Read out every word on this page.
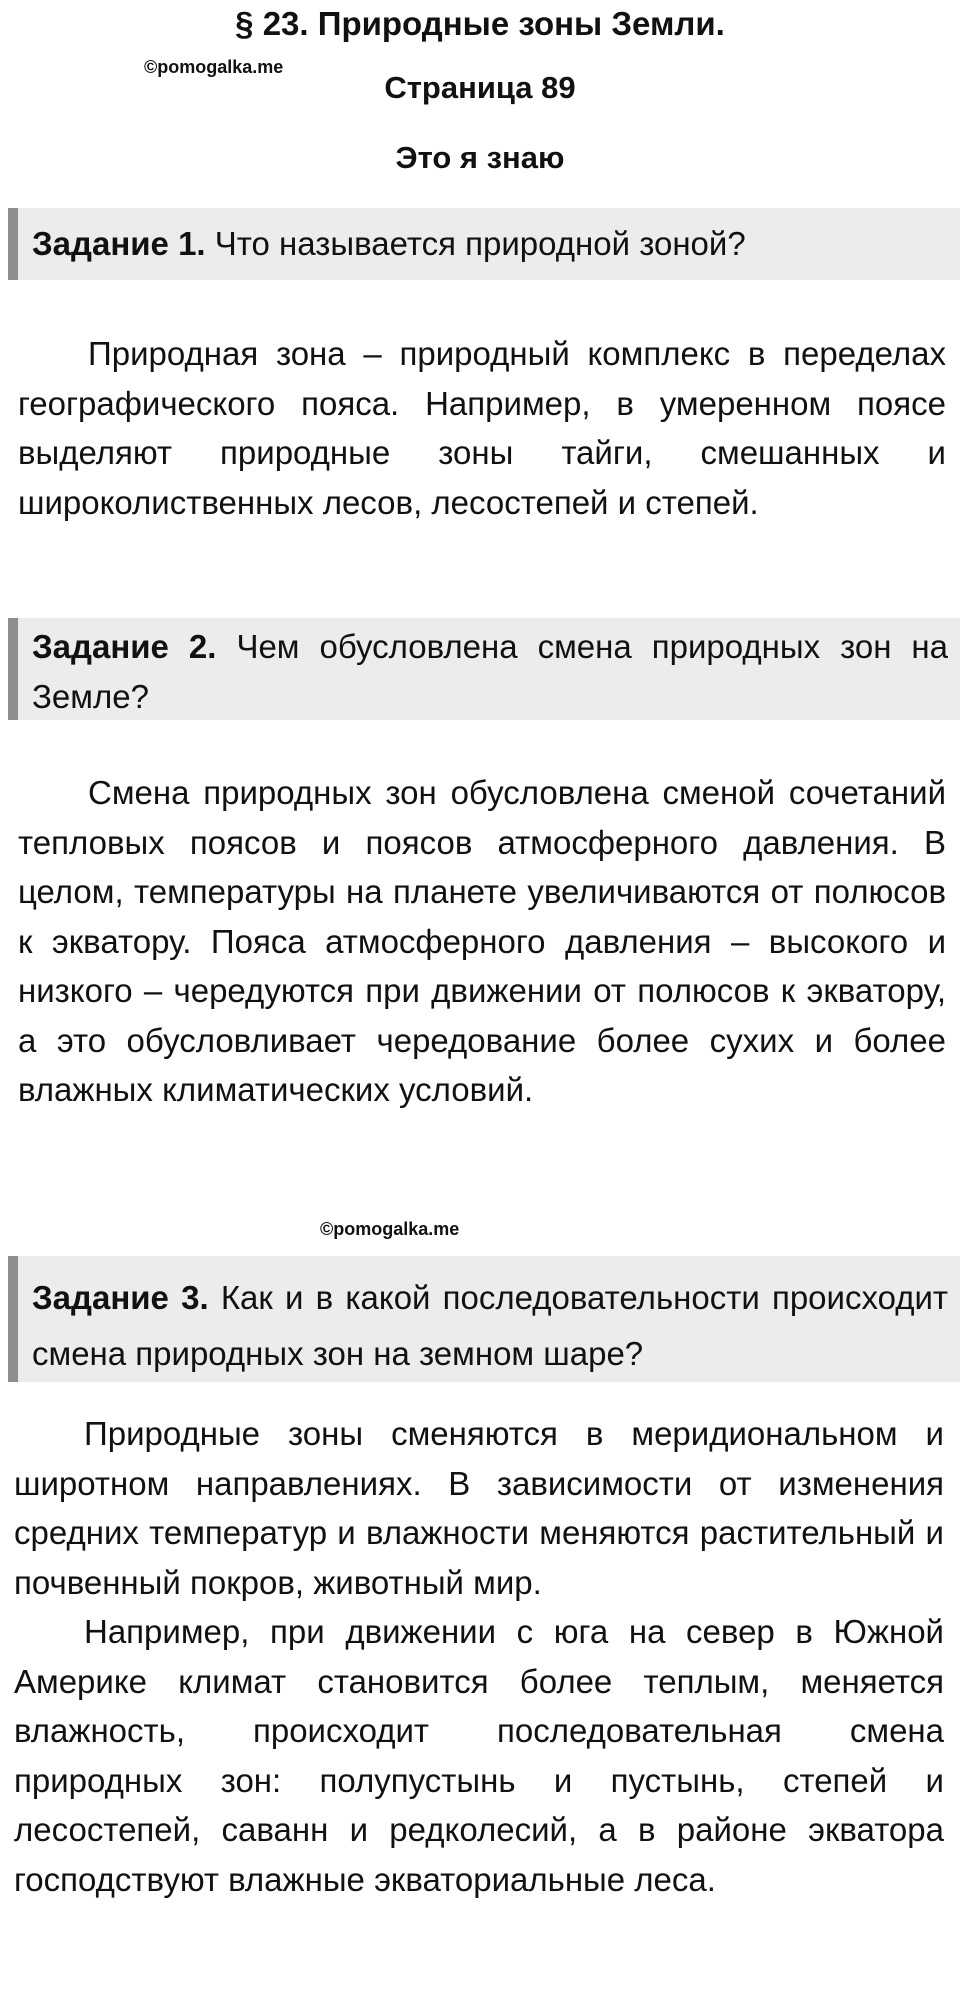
§ 23. Природные зоны Земли.
©pomogalka.me
Страница 89
Это я знаю
Задание 1. Что называется природной зоной?

Природная зона – природный комплекс в переделах географического пояса. Например, в умеренном поясе выделяют природные зоны тайги, смешанных и широколиственных лесов, лесостепей и степей.

Задание 2. Чем обусловлена смена природных зон на Земле?

Смена природных зон обусловлена сменой сочетаний тепловых поясов и поясов атмосферного давления. В целом, температуры на планете увеличиваются от полюсов к экватору. Пояса атмосферного давления – высокого и низкого – чередуются при движении от полюсов к экватору, а это обусловливает чередование более сухих и более влажных климатических условий.

©pomogalka.me
Задание 3. Как и в какой последовательности происходит смена природных зон на земном шаре?

Природные зоны сменяются в меридиональном и широтном направлениях. В зависимости от изменения средних температур и влажности меняются растительный и почвенный покров, животный мир.

Например, при движении с юга на север в Южной Америке климат становится более теплым, меняется влажность, происходит последовательная смена природных зон: полупустынь и пустынь, степей и лесостепей, саванн и редколесий, а в районе экватора господствуют влажные экваториальные леса.
